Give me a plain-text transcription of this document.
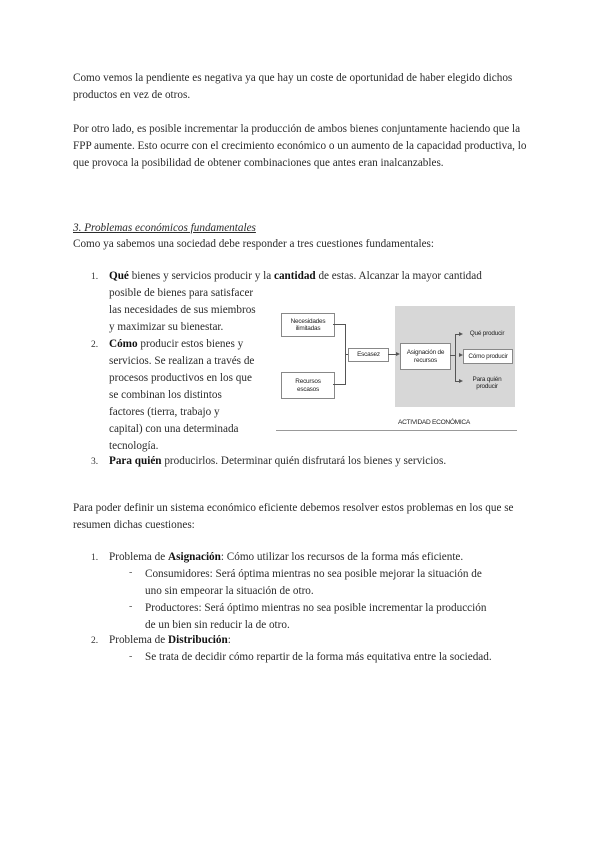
Como vemos la pendiente es negativa ya que hay un coste de oportunidad de haber elegido dichos productos en vez de otros.

Por otro lado, es posible incrementar la producción de ambos bienes conjuntamente haciendo que la FPP aumente. Esto ocurre con el crecimiento económico o un aumento de la capacidad productiva, lo que provoca la posibilidad de obtener combinaciones que antes eran inalcanzables.

3. Problemas económicos fundamentales
Como ya sabemos una sociedad debe responder a tres cuestiones fundamentales:
1. Qué bienes y servicios producir y la cantidad de estas. Alcanzar la mayor cantidad
posible de bienes para satisfacer
las necesidades de sus miembros
y maximizar su bienestar.
2. Cómo producir estos bienes y
servicios. Se realizan a través de
procesos productivos en los que
se combinan los distintos
factores (tierra, trabajo y
capital) con una determinada
tecnología.
3. Para quién producirlos. Determinar quién disfrutará los bienes y servicios.
Necesidades
ilimitadas
Recursos
escasos
Escasez	Asignación de
recursos
Qué producir
Cómo producir
Para quién
producir
ACTIVIDAD ECONÓMICA

Para poder definir un sistema económico eficiente debemos resolver estos problemas en los que se resumen dichas cuestiones:

1. Problema de Asignación: Cómo utilizar los recursos de la forma más eficiente.
- Consumidores: Será óptima mientras no sea posible mejorar la situación de
uno sin empeorar la situación de otro.
- Productores: Será óptimo mientras no sea posible incrementar la producción
de un bien sin reducir la de otro.
2. Problema de Distribución:
- Se trata de decidir cómo repartir de la forma más equitativa entre la sociedad.
